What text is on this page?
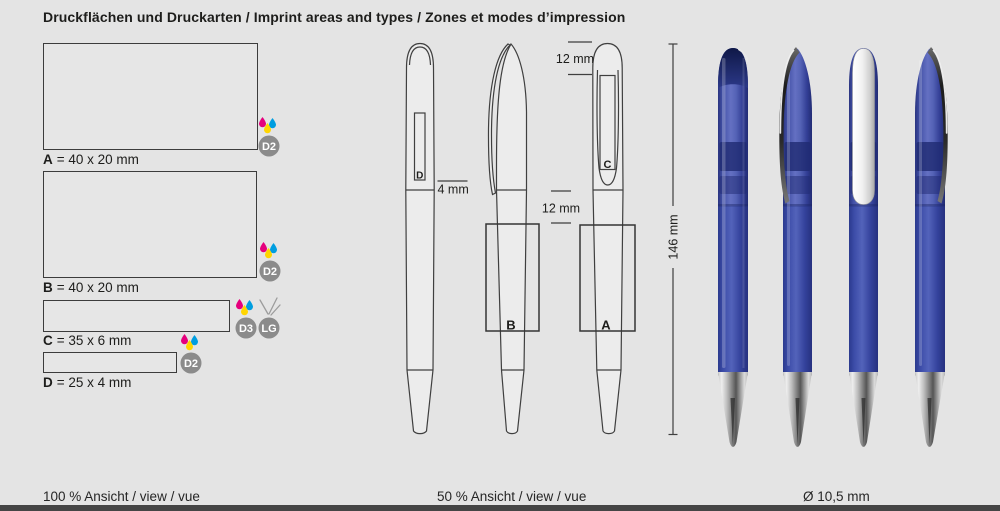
Druckflächen und Druckarten / Imprint areas and types / Zones et modes d’impression
A = 40 x 20 mm
B = 40 x 20 mm
C = 35 x 6 mm
D = 25 x 4 mm
D2
D2
D3 LG
D2
D
C
B	A
12 mm
4 mm
12 mm
146 mm
100 % Ansicht / view / vue	50 % Ansicht / view / vue	Ø 10,5 mm
